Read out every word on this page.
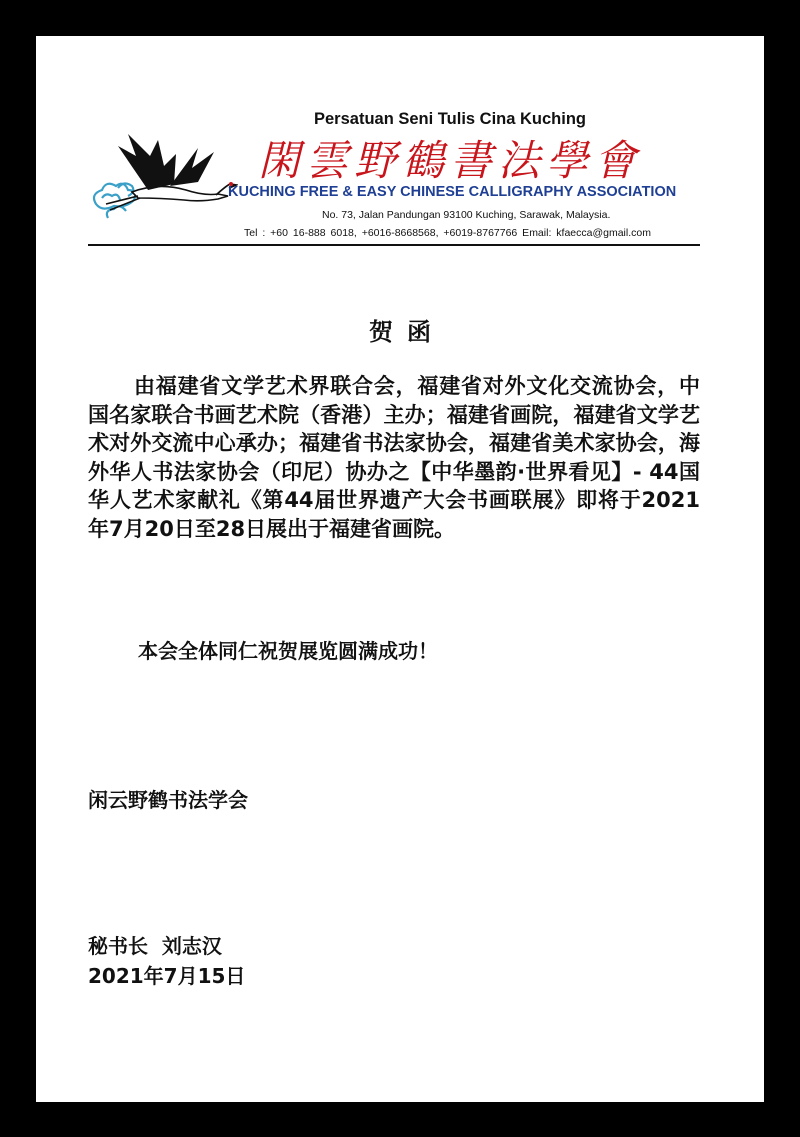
Persatuan Seni Tulis Cina Kuching
閑雲野鶴書法學會
KUCHING FREE & EASY CHINESE CALLIGRAPHY ASSOCIATION
No. 73, Jalan Pandungan 93100 Kuching, Sarawak, Malaysia.
Tel : +60 16-888 6018, +6016-8668568, +6019-8767766 Email: kfaecca@gmail.com
贺函

由福建省文学艺术界联合会，福建省对外文化交流协会，中国名家联合书画艺术院（香港）主办；福建省画院，福建省文学艺术对外交流中心承办；福建省书法家协会，福建省美术家协会，海外华人书法家协会（印尼）协办之【中华墨韵·世界看见】- 44国华人艺术家献礼《第44届世界遗产大会书画联展》即将于2021年7月20日至28日展出于福建省画院。

本会全体同仁祝贺展览圆满成功！
闲云野鹤书法学会
秘书长  刘志汉
2021年7月15日
